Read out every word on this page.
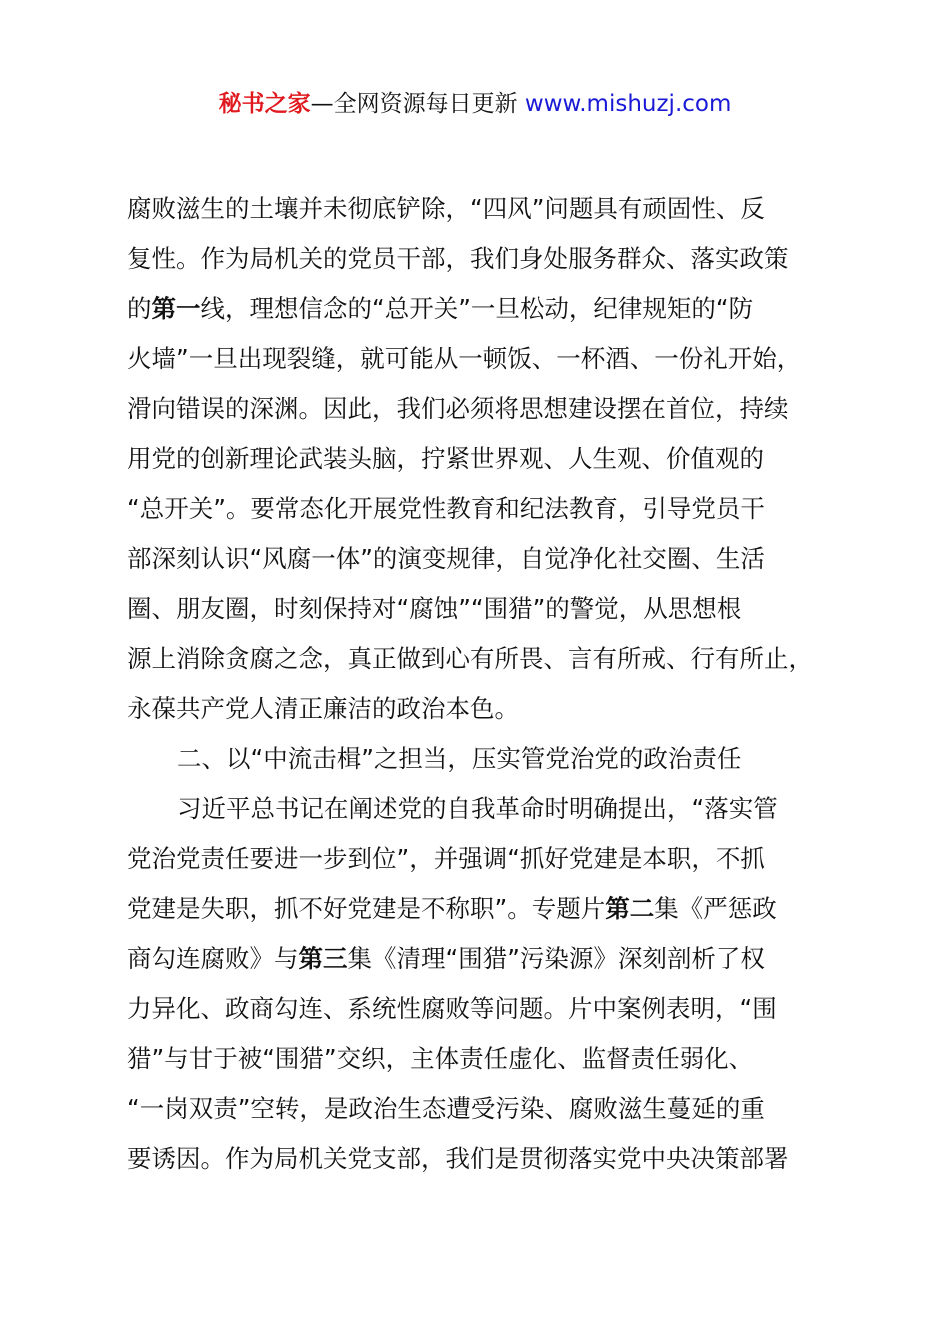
秘书之家—全网资源每日更新 www.mishuzj.com
腐败滋生的土壤并未彻底铲除，“四风”问题具有顽固性、反
复性。作为局机关的党员干部，我们身处服务群众、落实政策
的第一线，理想信念的“总开关”一旦松动，纪律规矩的“防
火墙”一旦出现裂缝，就可能从一顿饭、一杯酒、一份礼开始，
滑向错误的深渊。因此，我们必须将思想建设摆在首位，持续
用党的创新理论武装头脑，拧紧世界观、人生观、价值观的
“总开关”。要常态化开展党性教育和纪法教育，引导党员干
部深刻认识“风腐一体”的演变规律，自觉净化社交圈、生活
圈、朋友圈，时刻保持对“腐蚀”“围猎”的警觉，从思想根
源上消除贪腐之念，真正做到心有所畏、言有所戒、行有所止，
永葆共产党人清正廉洁的政治本色。
二、以“中流击楫”之担当，压实管党治党的政治责任
习近平总书记在阐述党的自我革命时明确提出，“落实管
党治党责任要进一步到位”，并强调“抓好党建是本职，不抓
党建是失职，抓不好党建是不称职”。专题片第二集《严惩政
商勾连腐败》与第三集《清理“围猎”污染源》深刻剖析了权
力异化、政商勾连、系统性腐败等问题。片中案例表明，“围
猎”与甘于被“围猎”交织，主体责任虚化、监督责任弱化、
“一岗双责”空转，是政治生态遭受污染、腐败滋生蔓延的重
要诱因。作为局机关党支部，我们是贯彻落实党中央决策部署
